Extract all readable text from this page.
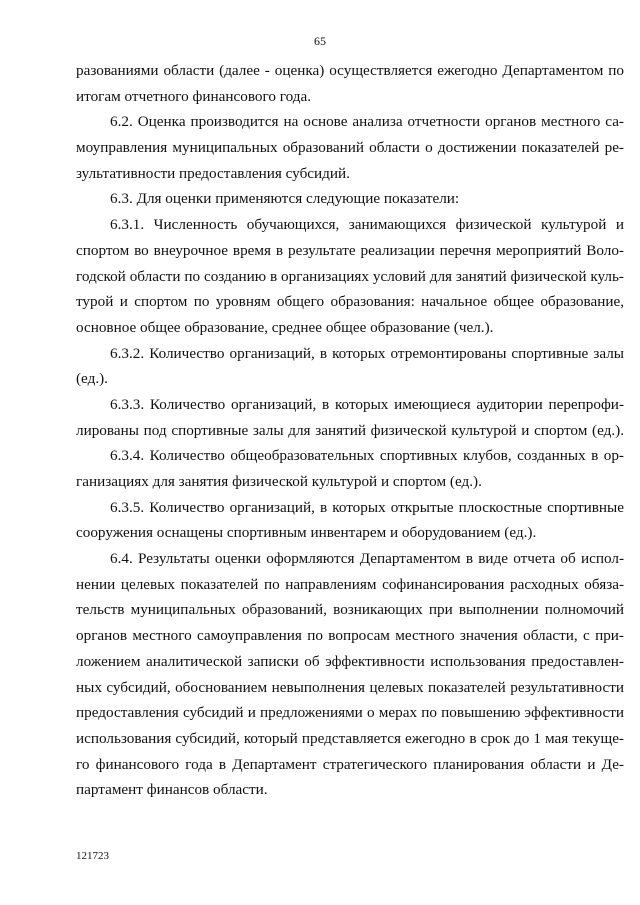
65
разованиями области (далее - оценка) осуществляется ежегодно Департаментом по
итогам отчетного финансового года.
6.2. Оценка производится на основе анализа отчетности органов местного са-
моуправления муниципальных образований области о достижении показателей ре-
зультативности предоставления субсидий.
6.3. Для оценки применяются следующие показатели:
6.3.1. Численность обучающихся, занимающихся физической культурой и
спортом во внеурочное время в результате реализации перечня мероприятий Воло-
годской области по созданию в организациях условий для занятий физической куль-
турой и спортом по уровням общего образования: начальное общее образование,
основное общее образование, среднее общее образование (чел.).
6.3.2. Количество организаций, в которых отремонтированы спортивные залы
(ед.).
6.3.3. Количество организаций, в которых имеющиеся аудитории перепрофи-
лированы под спортивные залы для занятий физической культурой и спортом (ед.).
6.3.4. Количество общеобразовательных спортивных клубов, созданных в ор-
ганизациях для занятия физической культурой и спортом (ед.).
6.3.5. Количество организаций, в которых открытые плоскостные спортивные
сооружения оснащены спортивным инвентарем и оборудованием (ед.).
6.4. Результаты оценки оформляются Департаментом в виде отчета об испол-
нении целевых показателей по направлениям софинансирования расходных обяза-
тельств муниципальных образований, возникающих при выполнении полномочий
органов местного самоуправления по вопросам местного значения области, с при-
ложением аналитической записки об эффективности использования предоставлен-
ных субсидий, обоснованием невыполнения целевых показателей результативности
предоставления субсидий и предложениями о мерах по повышению эффективности
использования субсидий, который представляется ежегодно в срок до 1 мая текуще-
го финансового года в Департамент стратегического планирования области и Де-
партамент финансов области.
121723
